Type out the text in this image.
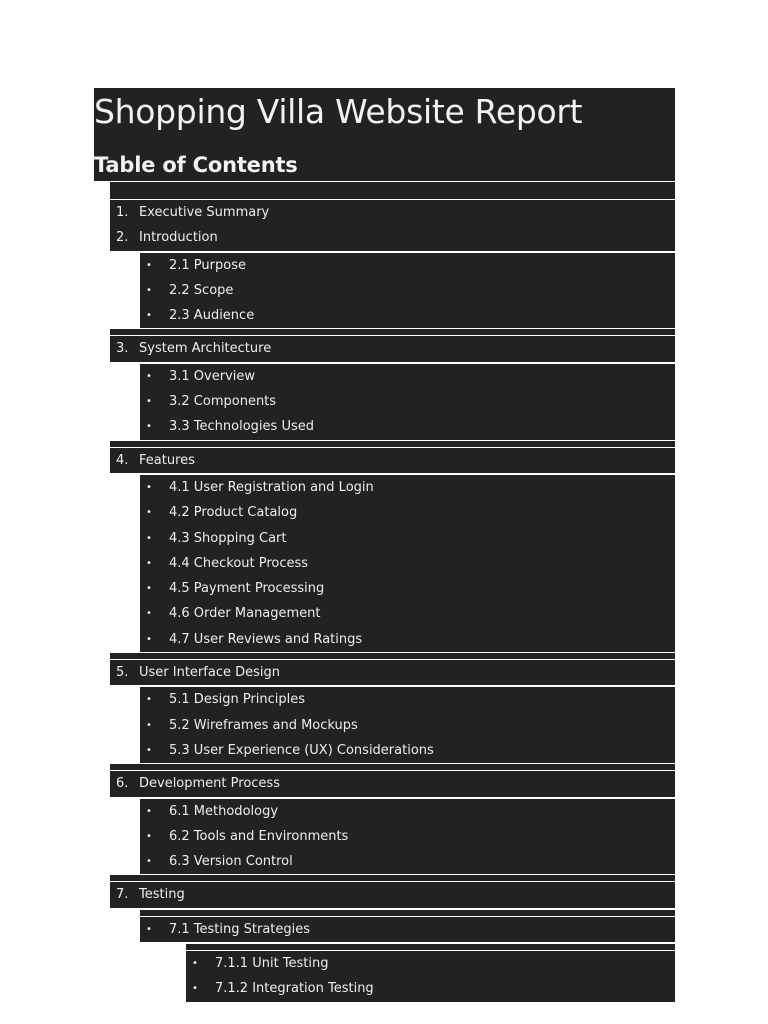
Shopping Villa Website Report
Table of Contents
1. Executive Summary
2. Introduction
• 2.1 Purpose
• 2.2 Scope
• 2.3 Audience
3. System Architecture
• 3.1 Overview
• 3.2 Components
• 3.3 Technologies Used
4. Features
• 4.1 User Registration and Login
• 4.2 Product Catalog
• 4.3 Shopping Cart
• 4.4 Checkout Process
• 4.5 Payment Processing
• 4.6 Order Management
• 4.7 User Reviews and Ratings
5. User Interface Design
• 5.1 Design Principles
• 5.2 Wireframes and Mockups
• 5.3 User Experience (UX) Considerations
6. Development Process
• 6.1 Methodology
• 6.2 Tools and Environments
• 6.3 Version Control
7. Testing
• 7.1 Testing Strategies
• 7.1.1 Unit Testing
• 7.1.2 Integration Testing
